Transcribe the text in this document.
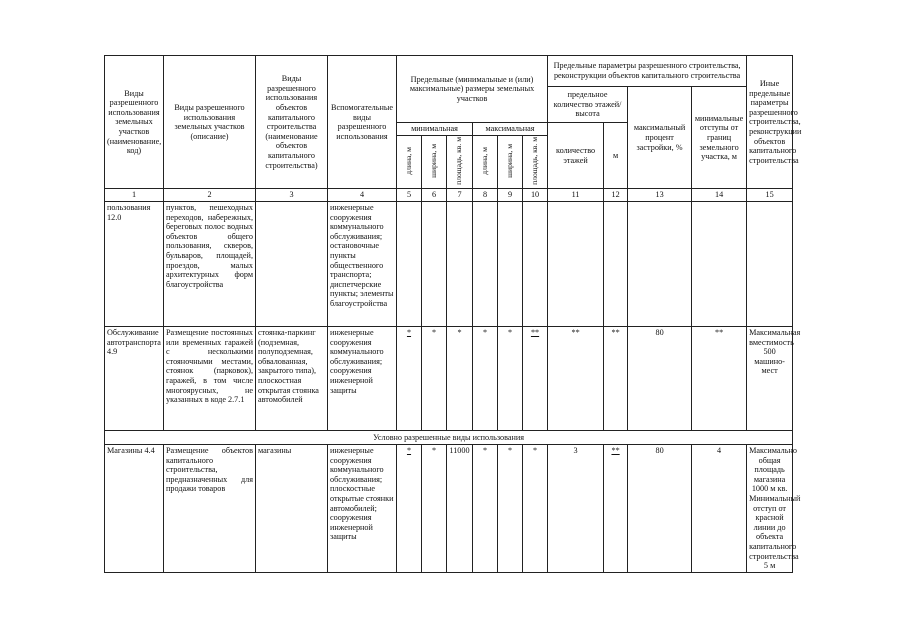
Виды разрешенного использования земельных участков (наименование, код)	Виды разрешенного использования земельных участков (описание)	Виды разрешенного использования объектов капитального строительства (наименование объектов капитального строительства)	Вспомогательные виды разрешенного использования	Предельные (минимальные и (или) максимальные) размеры земельных участков						Предельные параметры разрешенного строительства, реконструкции объектов капитального строительства				Иные предельные параметры разрешенного строительства, реконструкции объектов капитального строительства
										предельное количество этажей/высота		максимальный процент застройки, %	минимальные отступы от границ земельного участка, м	
				минимальная			максимальная			количество этажей	м			
				длина, м	ширина, м	площадь, кв. м	длина, м	ширина, м	площадь, кв. м					
1	2	3	4	5	6	7	8	9	10	11	12	13	14	15
пользования 12.0	пунктов, пешеходных переходов, набережных, береговых полос водных объектов общего пользования, скверов, бульваров, площадей, проездов, малых архитектурных форм благоустройства		инженерные сооружения коммунального обслуживания; остановочные пункты общественного транспорта; диспетчерские пункты; элементы благоустройства											
Обслуживание автотранспорта 4.9	Размещение постоянных или временных гаражей с несколькими стояночными местами, стоянок (парковок), гаражей, в том числе многоярусных, не указанных в коде 2.7.1	стоянка-паркинг (подземная, полуподземная, обвалованная, закрытого типа), плоскостная открытая стоянка автомобилей	инженерные сооружения коммунального обслуживания; сооружения инженерной защиты	*	*	*	*	*	**	**	**	80	**	Максимальная вместимость 500 машино-мест
Условно разрешенные виды использования														
Магазины 4.4	Размещение объектов капитального строительства, предназначенных для продажи товаров	магазины	инженерные сооружения коммунального обслуживания; плоскостные открытые стоянки автомобилей; сооружения инженерной защиты	*	*	11000	*	*	*	3	**	80	4	Максимально общая площадь магазина 1000 м кв. Минимальный отступ от красной линии до объекта капитального строительства 5 м
